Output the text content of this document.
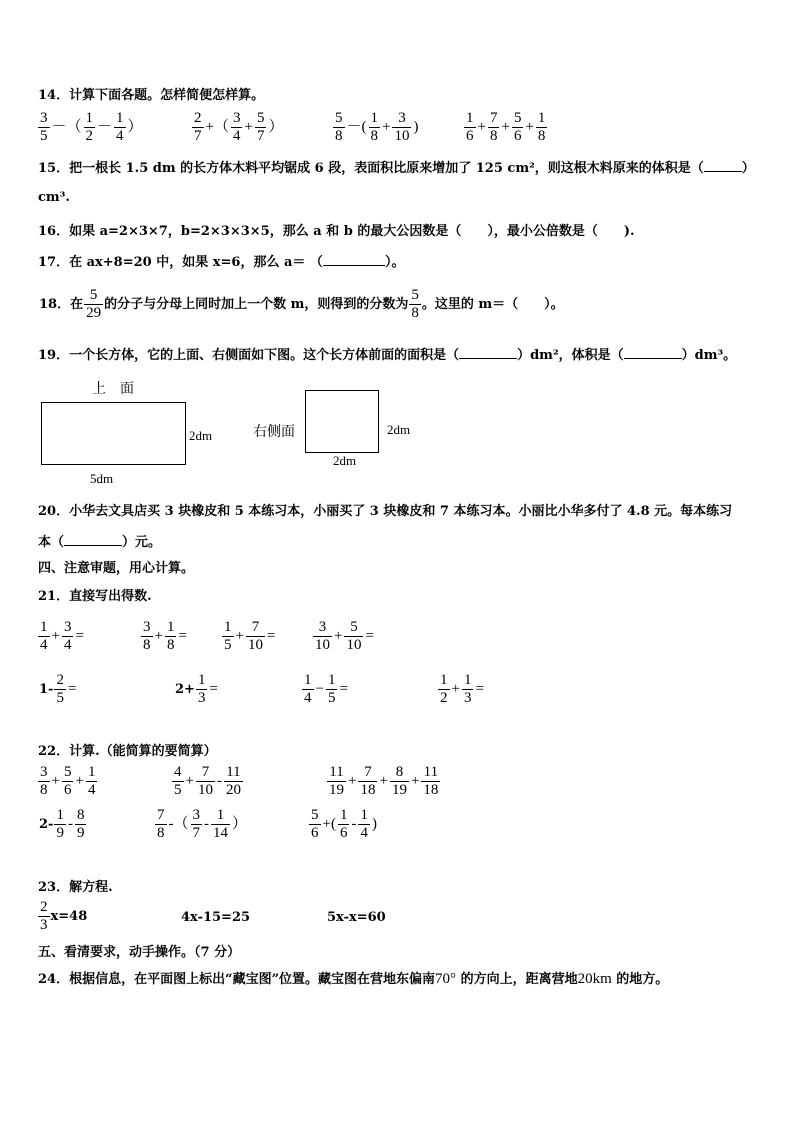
14．计算下面各题。怎样简便怎样算。
$\frac{3}{5}$ －（ $\frac{1}{2} - \frac{1}{4}$ ）	$\frac{2}{7}$ +（ $\frac{3}{4} + \frac{5}{7}$ ）	$\frac{5}{8}$ －( $\frac{1}{8} + \frac{3}{10}$ )	$\frac{1}{6} + \frac{7}{8} + \frac{5}{6} + \frac{1}{8}$
15．把一根长 1.5 dm 的长方体木料平均锯成 6 段，表面积比原来增加了 125 cm²，则这根木料原来的体积是（	）
cm³.
16．如果 a=2×3×7，b=2×3×3×5，那么 a 和 b 的最大公因数是（　　），最小公倍数是（　　).
17．在 ax+8=20 中，如果 x=6，那么 a＝ （	）。
18．在 $\frac{5}{29}$ 的分子与分母上同时加上一个数 m，则得到的分数为 $\frac{5}{8}$ 。这里的 m＝（　　）。
19．一个长方体，它的上面、右侧面如下图。这个长方体前面的面积是（	）dm²，体积是（	）dm³。
上　面
2dm
5dm
右侧面	2dm
2dm
20．小华去文具店买 3 块橡皮和 5 本练习本，小丽买了 3 块橡皮和 7 本练习本。小丽比小华多付了 4.8 元。每本练习
本（	）元。
四、注意审题，用心计算。
21．直接写出得数.
$\frac{1}{4} + \frac{3}{4}$ =	$\frac{3}{8} + \frac{1}{8} = \frac{1}{5} + \frac{7}{10}$ =	$\frac{3}{10} + \frac{5}{10}$ =
$1- \frac{2}{5}$ =	$2+ \frac{1}{3}$ =	$\frac{1}{4} - \frac{1}{5}$ =	$\frac{1}{2} + \frac{1}{3}$ =
22．计算.（能简算的要简算）
$\frac{3}{8} + \frac{5}{6} + \frac{1}{4}$	$\frac{4}{5} + \frac{7}{10} - \frac{11}{20}$	$\frac{11}{19} + \frac{7}{18} + \frac{8}{19} + \frac{11}{18}$
$2- \frac{1}{9} - \frac{8}{9}$	$\frac{7}{8}$ -（ $\frac{3}{7} - \frac{1}{14}$ ）	$\frac{5}{6}$ +( $\frac{1}{6} - \frac{1}{4}$ )
23．解方程.
$\frac{2}{3} x=48$	4x-15=25	5x-x=60
五、看清要求，动手操作。（7 分）
24．根据信息，在平面图上标出“藏宝图”位置。藏宝图在营地东偏南70° 的方向上，距离营地20km 的地方。
